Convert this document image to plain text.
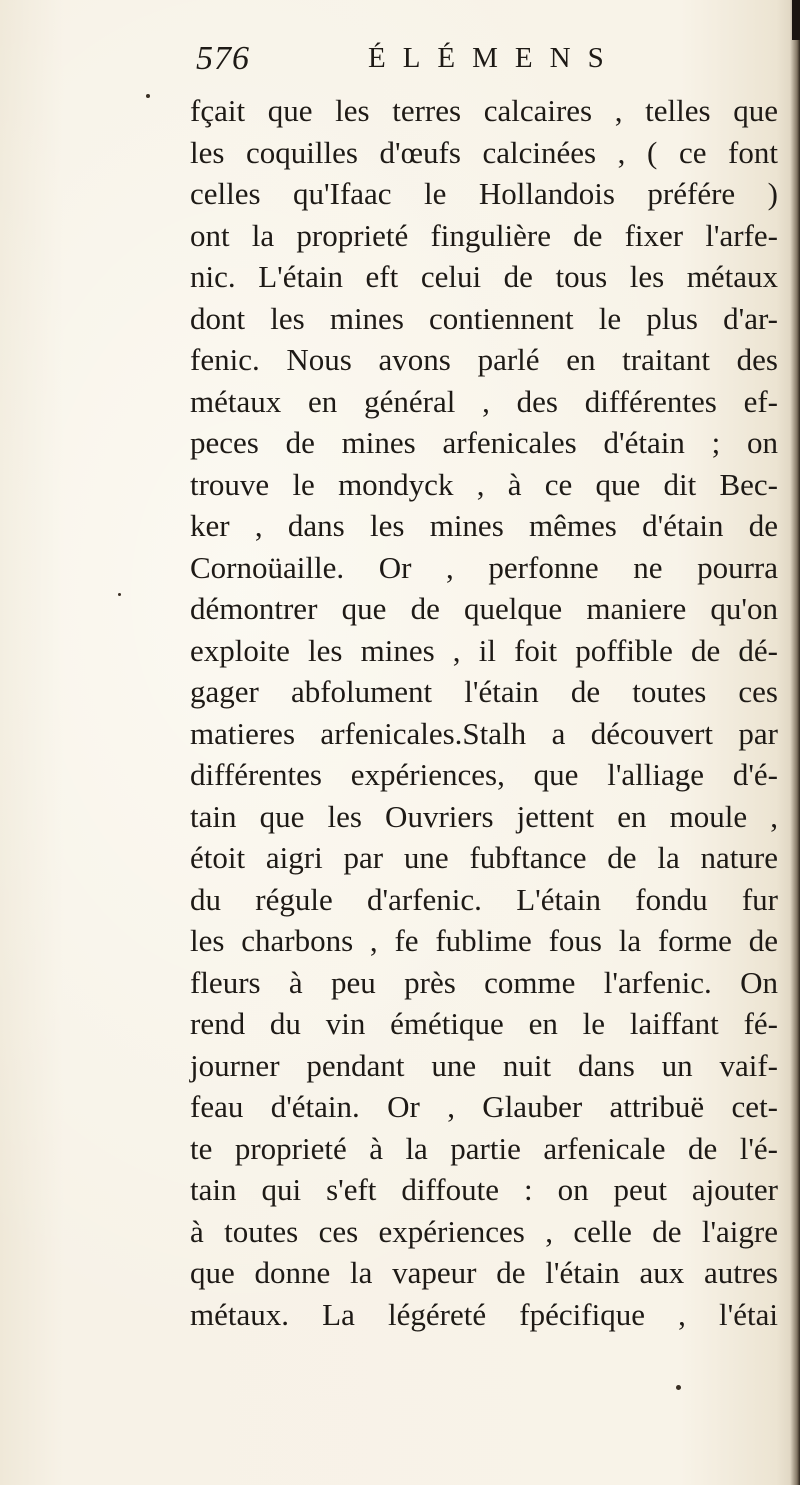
576	ÉLÉMENS
fçait que les terres calcaires , telles que
les coquilles d'œufs calcinées , ( ce font
celles qu'Ifaac le Hollandois préfére )
ont la proprieté fingulière de fixer l'arfe-
nic. L'étain eft celui de tous les métaux
dont les mines contiennent le plus d'ar-
fenic. Nous avons parlé en traitant des
métaux en général , des différentes ef-
peces de mines arfenicales d'étain ; on
trouve le mondyck , à ce que dit Bec-
ker , dans les mines mêmes d'étain de
Cornoüaille. Or , perfonne ne pourra
démontrer que de quelque maniere qu'on
exploite les mines , il foit poffible de dé-
gager abfolument l'étain de toutes ces
matieres arfenicales.Stalh a découvert par
différentes expériences, que l'alliage d'é-
tain que les Ouvriers jettent en moule ,
étoit aigri par une fubftance de la nature
du régule d'arfenic. L'étain fondu fur
les charbons , fe fublime fous la forme de
fleurs à peu près comme l'arfenic. On
rend du vin émétique en le laiffant fé-
journer pendant une nuit dans un vaif-
feau d'étain. Or , Glauber attribuë cet-
te proprieté à la partie arfenicale de l'é-
tain qui s'eft diffoute : on peut ajouter
à toutes ces expériences , celle de l'aigre
que donne la vapeur de l'étain aux autres
métaux. La légéreté fpécifique , l'étai
